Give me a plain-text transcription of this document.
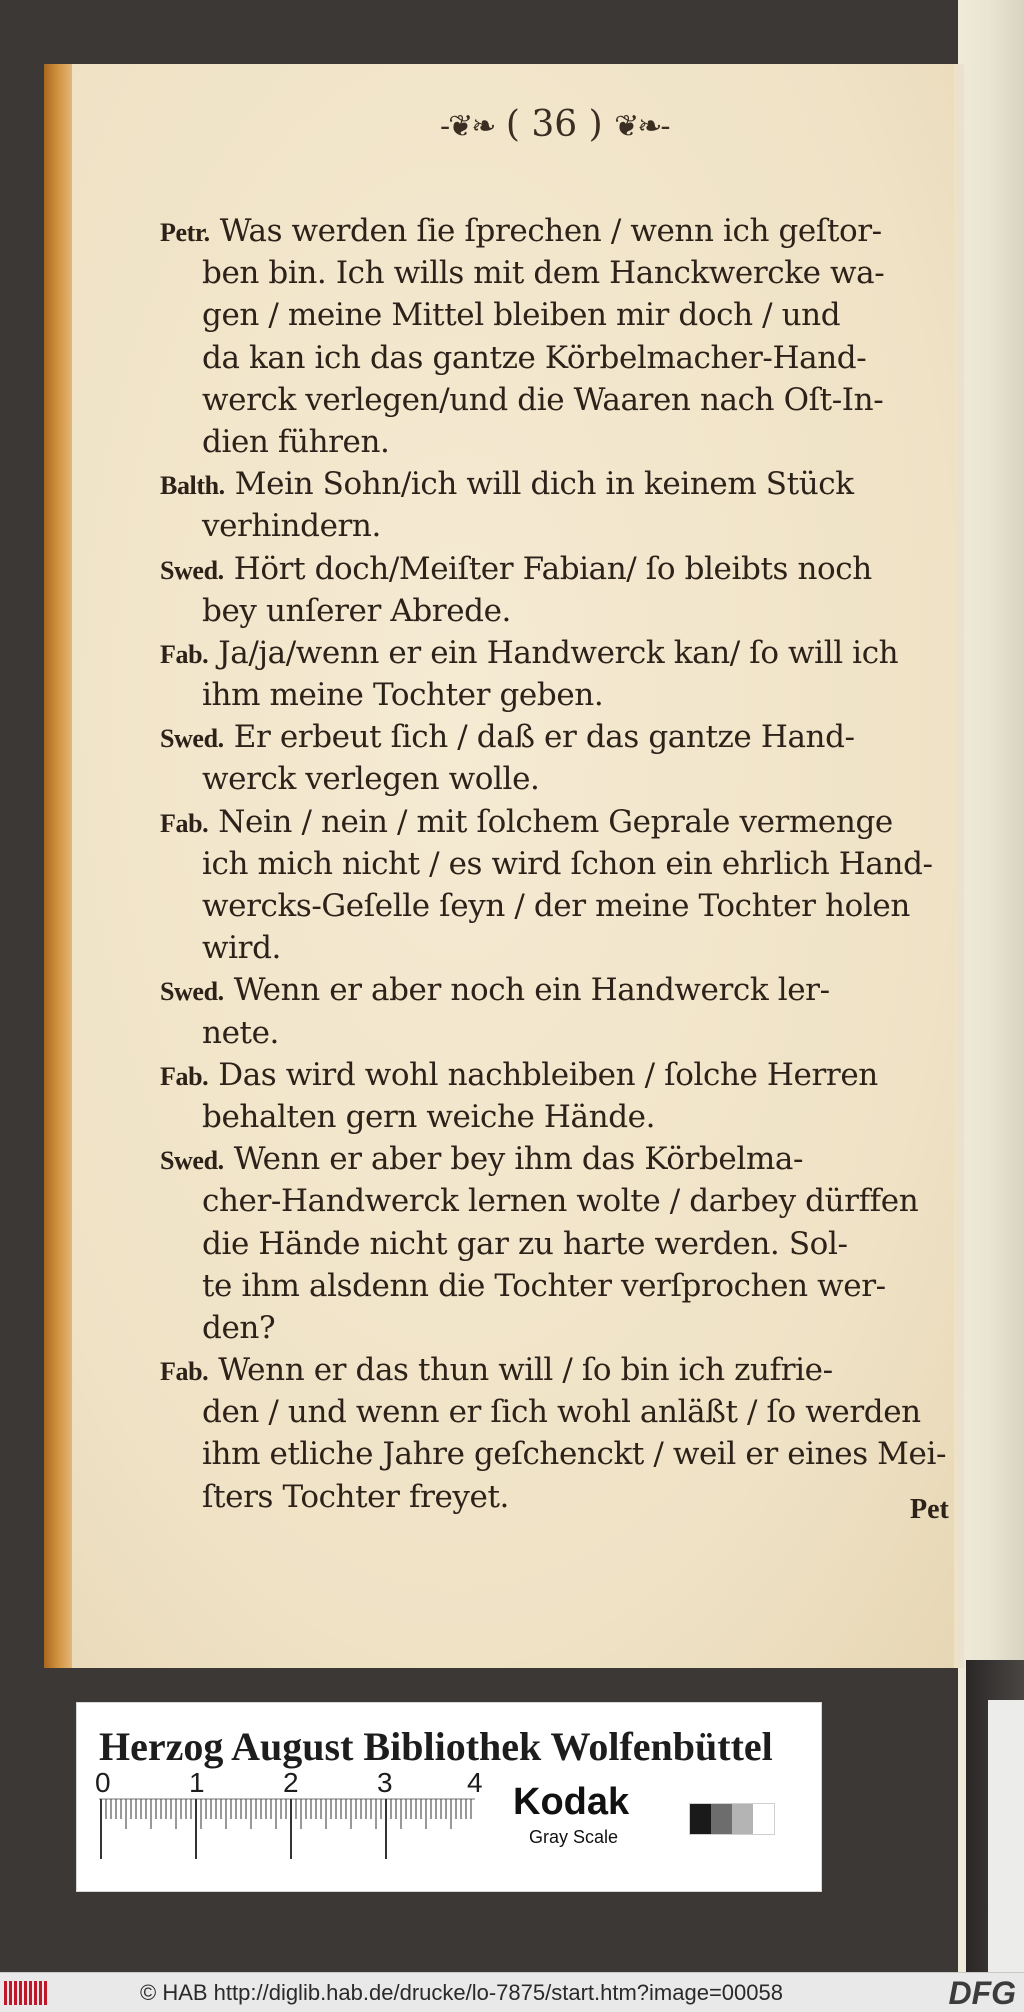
-❦❧ ( 36 ) ❦❧-
Petr. Was werden ſie ſprechen / wenn ich geſtor-
ben bin. Ich wills mit dem Hanckwercke wa-
gen / meine Mittel bleiben mir doch / und
da kan ich das gantze Körbelmacher-Hand-
werck verlegen/und die Waaren nach Oſt-In-
dien führen.
Balth. Mein Sohn/ich will dich in keinem Stück
verhindern.
Swed. Hört doch/Meiſter Fabian/ ſo bleibts noch
bey unſerer Abrede.
Fab. Ja/ja/wenn er ein Handwerck kan/ ſo will ich
ihm meine Tochter geben.
Swed. Er erbeut ſich / daß er das gantze Hand-
werck verlegen wolle.
Fab. Nein / nein / mit ſolchem Geprale vermenge
ich mich nicht / es wird ſchon ein ehrlich Hand-
wercks-Geſelle ſeyn / der meine Tochter holen
wird.
Swed. Wenn er aber noch ein Handwerck ler-
nete.
Fab. Das wird wohl nachbleiben / ſolche Herren
behalten gern weiche Hände.
Swed. Wenn er aber bey ihm das Körbelma-
cher-Handwerck lernen wolte / darbey dürffen
die Hände nicht gar zu harte werden. Sol-
te ihm alsdenn die Tochter verſprochen wer-
den?
Fab. Wenn er das thun will / ſo bin ich zufrie-
den / und wenn er ſich wohl anläßt / ſo werden
ihm etliche Jahre geſchenckt / weil er eines Mei-
ſters Tochter freyet.	Pet
Herzog August Bibliothek Wolfenbüttel
0	1	2	3	4 Kodak
Gray Scale
© HAB http://diglib.hab.de/drucke/lo-7875/start.htm?image=00058	DFG
